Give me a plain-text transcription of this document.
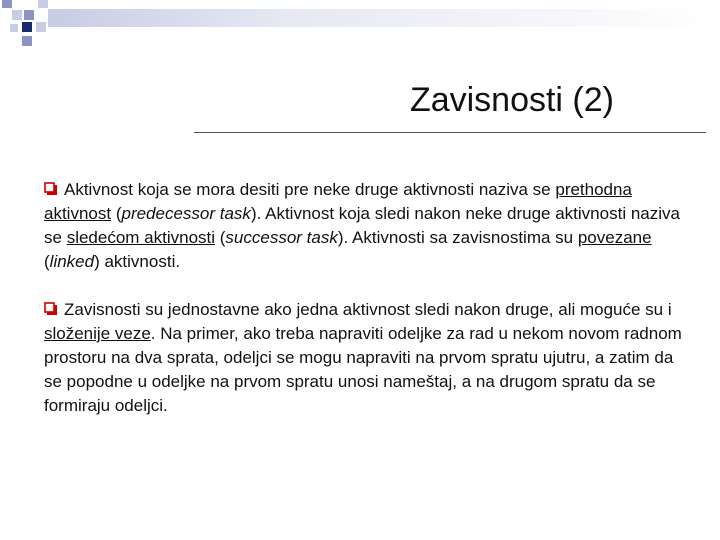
Zavisnosti (2)

Aktivnost koja se mora desiti pre neke druge aktivnosti naziva se prethodna aktivnost (predecessor task). Aktivnost koja sledi nakon neke druge aktivnosti naziva se sledećom aktivnosti (successor task). Aktivnosti sa zavisnostima su povezane (linked) aktivnosti.

Zavisnosti su jednostavne ako jedna aktivnost sledi nakon druge, ali moguće su i složenije veze. Na primer, ako treba napraviti odeljke za rad u nekom novom radnom prostoru na dva sprata, odeljci se mogu napraviti na prvom spratu ujutru, a zatim da se popodne u odeljke na prvom spratu unosi nameštaj, a na drugom spratu da se formiraju odeljci.
